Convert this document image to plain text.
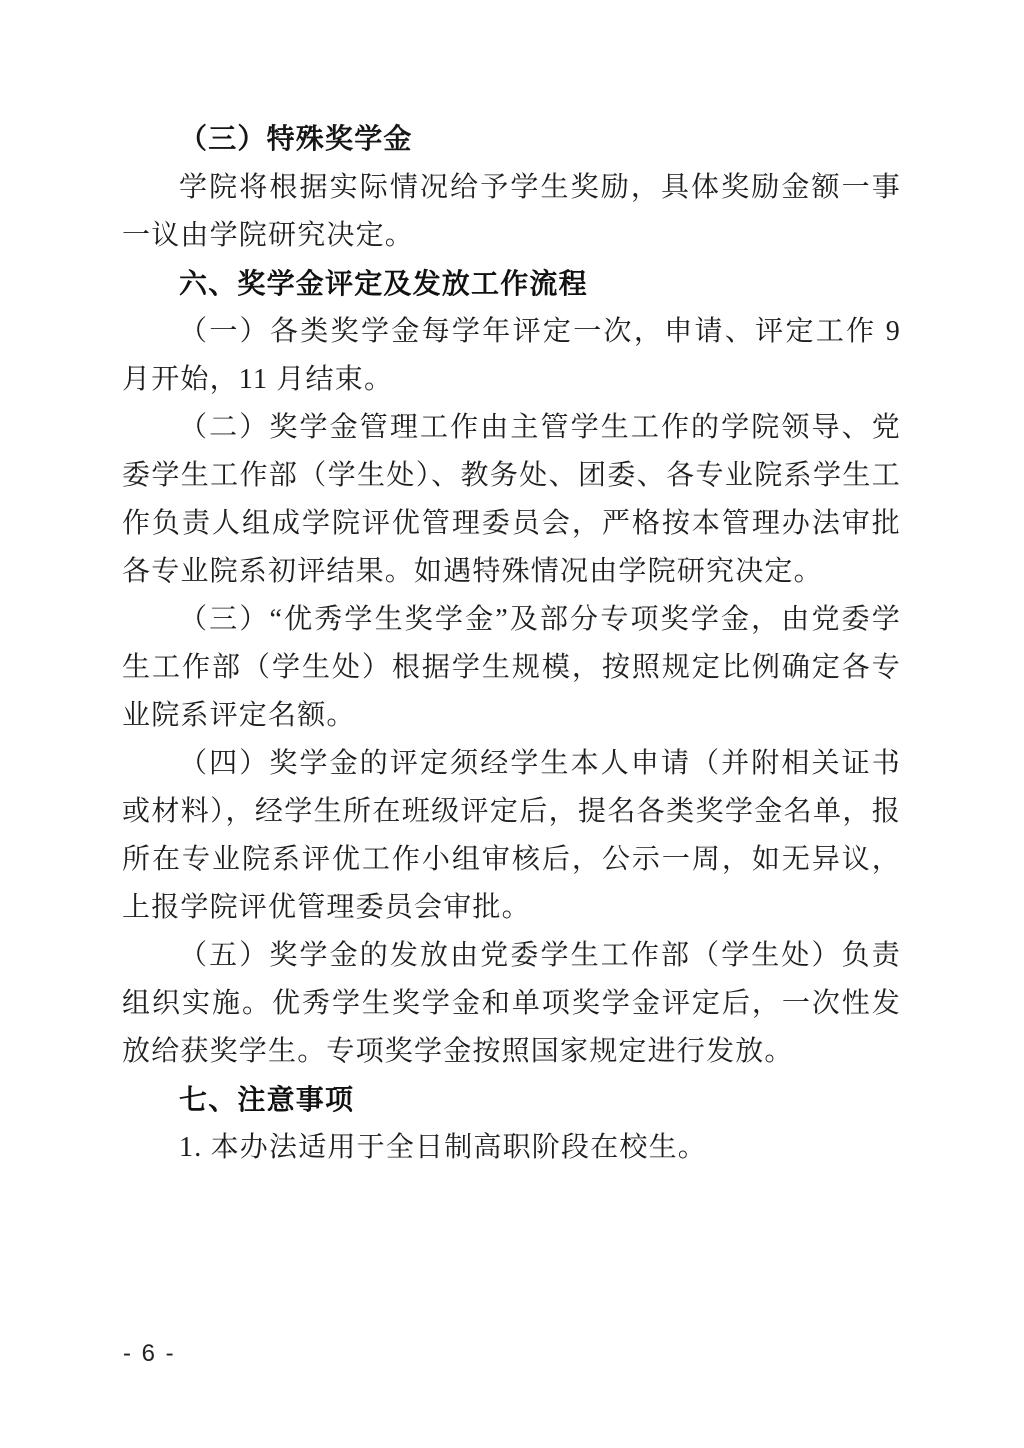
（三）特殊奖学金

学院将根据实际情况给予学生奖励，具体奖励金额一事一议由学院研究决定。

六、奖学金评定及发放工作流程

（一）各类奖学金每学年评定一次，申请、评定工作 9 月开始，11 月结束。

（二）奖学金管理工作由主管学生工作的学院领导、党委学生工作部（学生处）、教务处、团委、各专业院系学生工作负责人组成学院评优管理委员会，严格按本管理办法审批各专业院系初评结果。如遇特殊情况由学院研究决定。

（三）“优秀学生奖学金”及部分专项奖学金，由党委学生工作部（学生处）根据学生规模，按照规定比例确定各专业院系评定名额。

（四）奖学金的评定须经学生本人申请（并附相关证书或材料），经学生所在班级评定后，提名各类奖学金名单，报所在专业院系评优工作小组审核后，公示一周，如无异议，上报学院评优管理委员会审批。

（五）奖学金的发放由党委学生工作部（学生处）负责组织实施。优秀学生奖学金和单项奖学金评定后，一次性发放给获奖学生。专项奖学金按照国家规定进行发放。

七、注意事项

1. 本办法适用于全日制高职阶段在校生。

- 6 -
